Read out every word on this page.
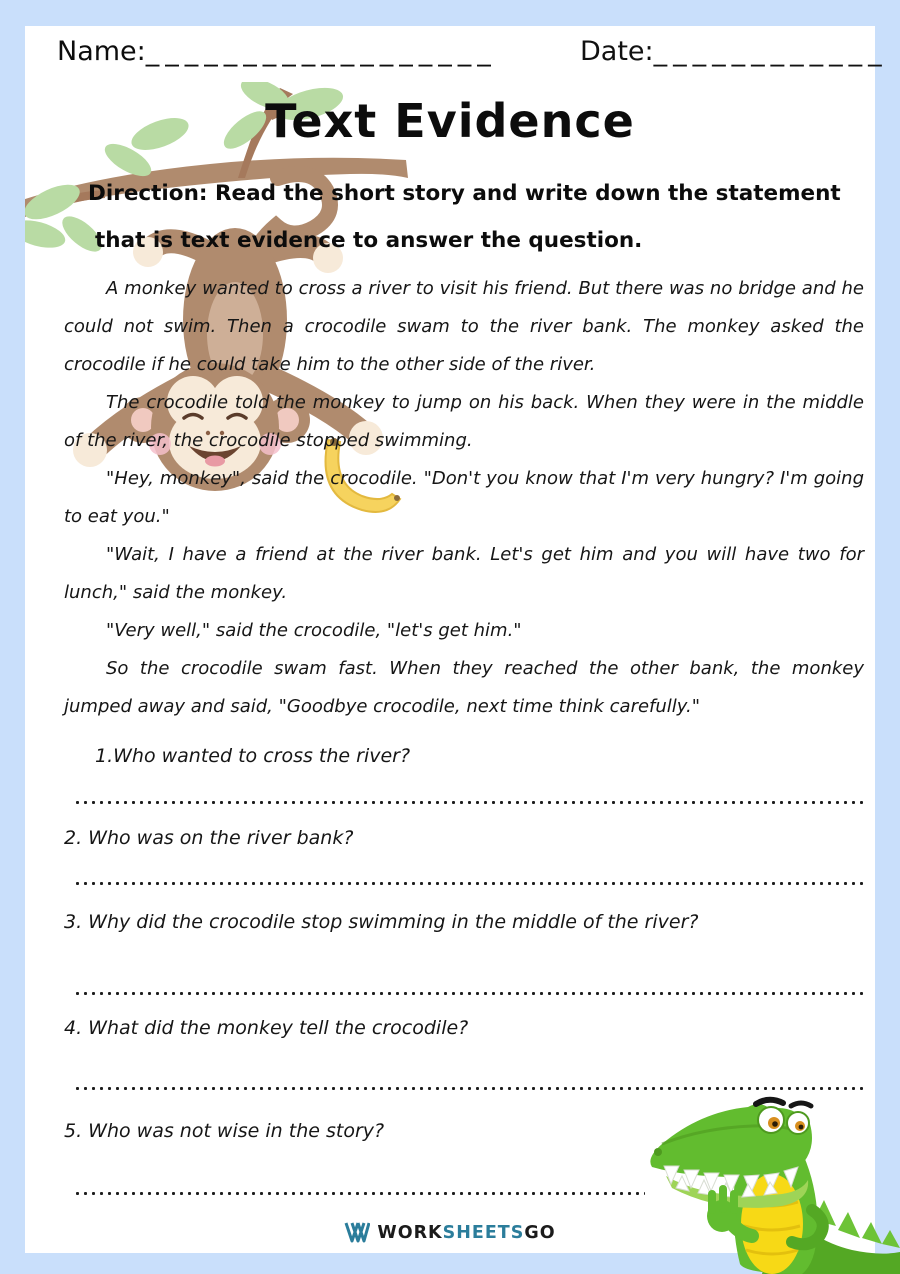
Name:__________________	Date:____________
Text Evidence
Direction: Read the short story and write down the statement
that is text evidence to answer the question.

A monkey wanted to cross a river to visit his friend. But there was no bridge and he could not swim. Then a crocodile swam to the river bank. The monkey asked the crocodile if he could take him to the other side of the river.

The crocodile told the monkey to jump on his back. When they were in the middle of the river, the crocodile stopped swimming.

"Hey, monkey", said the crocodile. "Don't you know that I'm very hungry? I'm going to eat you."

"Wait, I have a friend at the river bank. Let's get him and you will have two for lunch," said the monkey.

"Very well," said the crocodile, "let's get him."

So the crocodile swam fast. When they reached the other bank, the monkey jumped away and said, "Goodbye crocodile, next time think carefully."

1.Who wanted to cross the river?
2. Who was on the river bank?
3. Why did the crocodile stop swimming in the middle of the river?
4. What did the monkey tell the crocodile?
5. Who was not wise in the story?
WORKSHEETSGO
